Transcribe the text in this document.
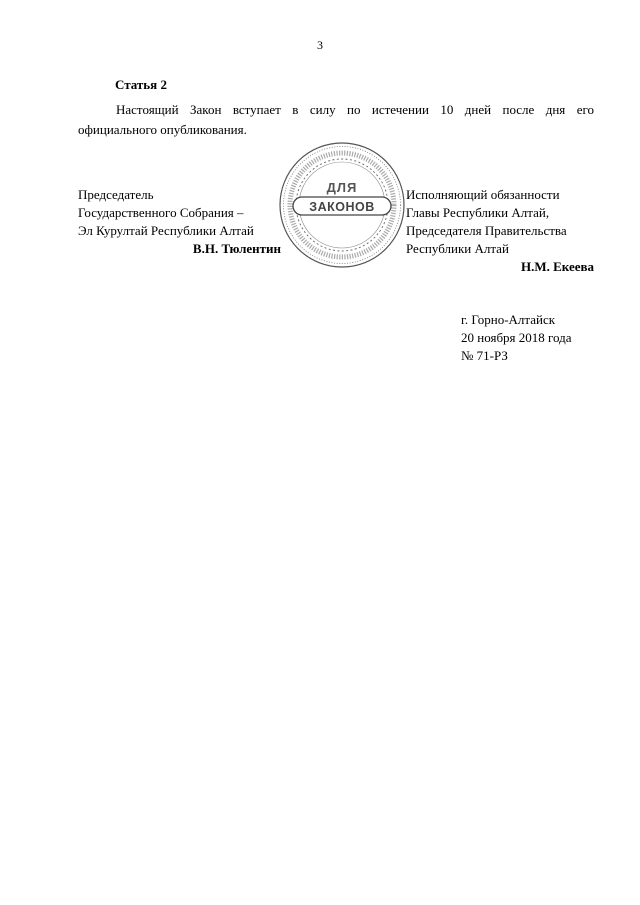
3
Статья 2
Настоящий Закон вступает в силу по истечении 10 дней после дня его
официального опубликования.
Председатель
Государственного Собрания –
Эл Курултай Республики Алтай
В.Н. Тюлентин
ДЛЯ
ЗАКОНОВ
Исполняющий обязанности
Главы Республики Алтай,
Председателя Правительства
Республики Алтай
Н.М. Екеева
г. Горно-Алтайск
20 ноября 2018 года
№ 71-РЗ
